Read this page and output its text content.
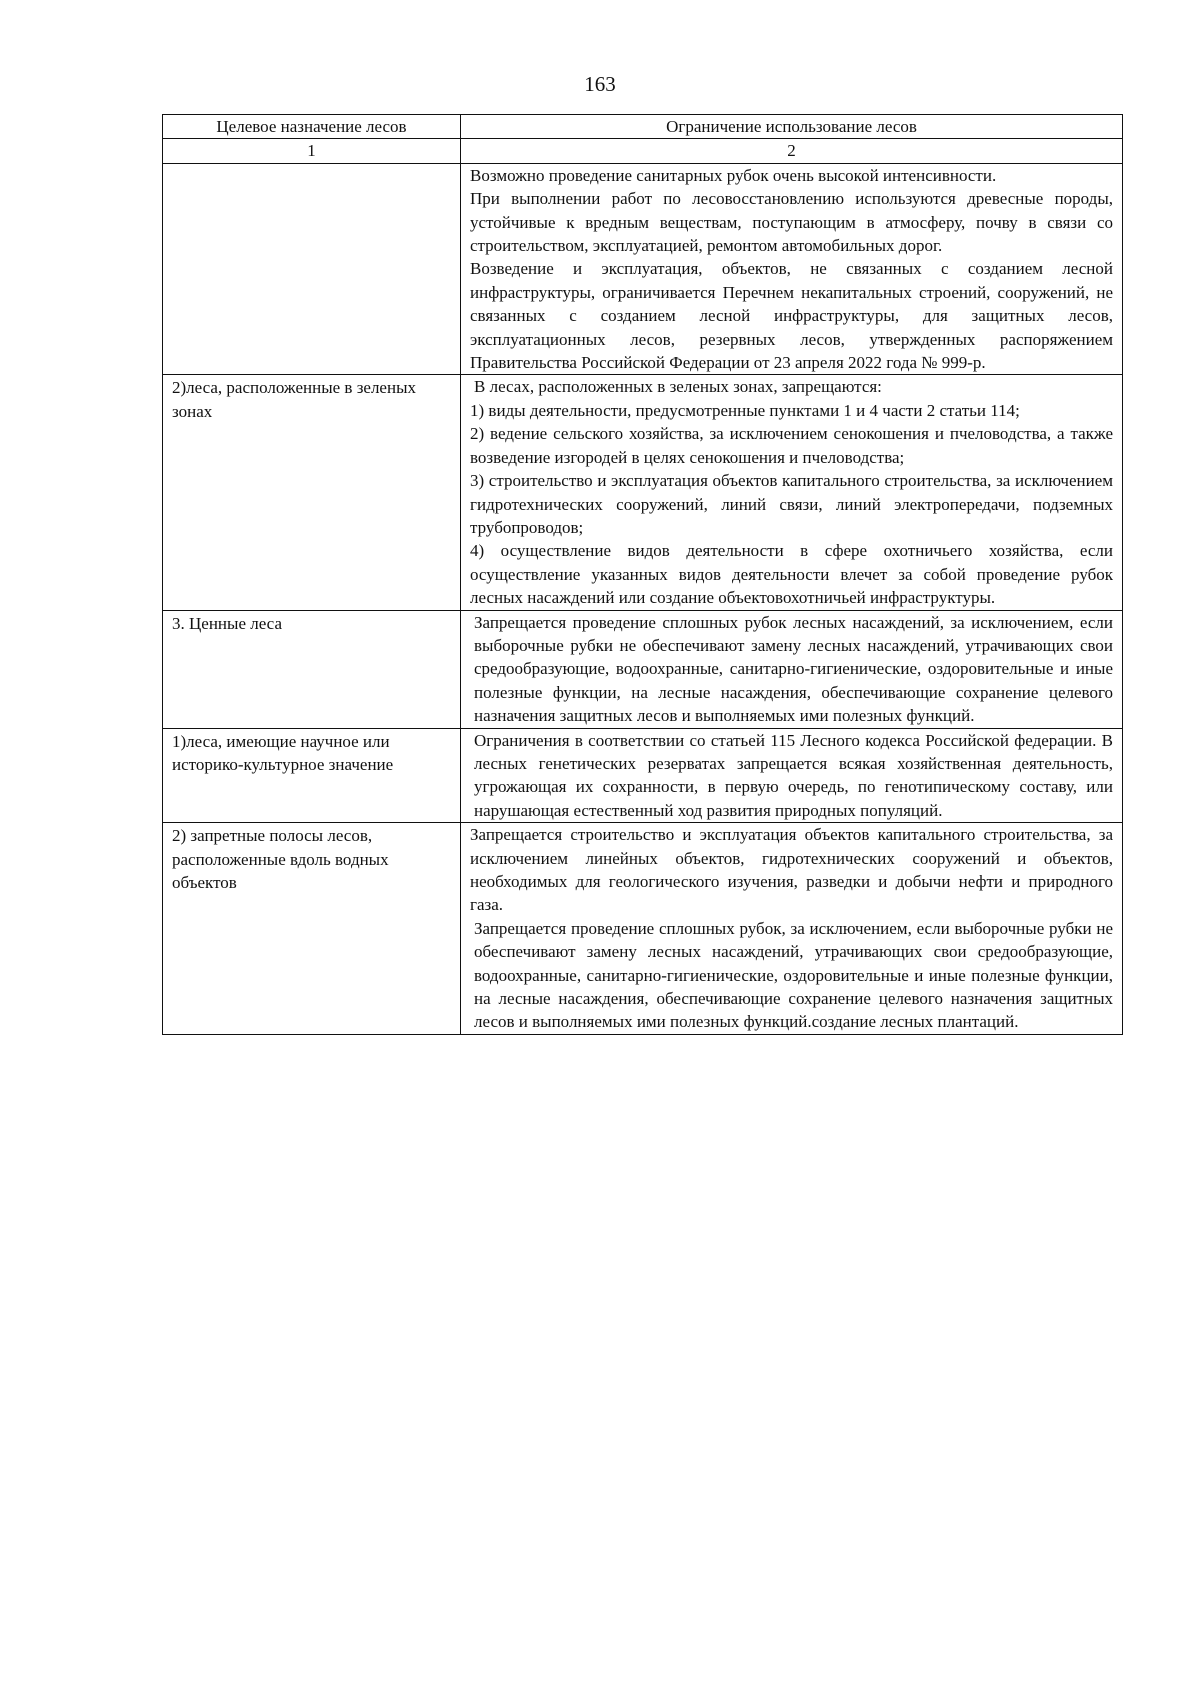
163
Целевое назначение лесов	Ограничение использование лесов
1	2

	Возможно проведение санитарных рубок очень высокой интенсивности.

При выполнении работ по лесовосстановлению используются древесные породы, устойчивые к вредным веществам, поступающим в атмосферу, почву в связи со строительством, эксплуатацией, ремонтом автомобильных дорог.

Возведение и эксплуатация, объектов, не связанных с созданием лесной инфраструктуры, ограничивается Перечнем некапитальных строений, сооружений, не связанных с созданием лесной инфраструктуры, для защитных лесов, эксплуатационных лесов, резервных лесов, утвержденных распоряжением Правительства Российской Федерации от 23 апреля 2022 года № 999-р.

2)леса, расположенные в зеленых зонах	В лесах, расположенных в зеленых зонах, запрещаются:

1) виды деятельности, предусмотренные пунктами 1 и 4 части 2 статьи 114;

2) ведение сельского хозяйства, за исключением сенокошения и пчеловодства, а также возведение изгородей в целях сенокошения и пчеловодства;

3) строительство и эксплуатация объектов капитального строительства, за исключением гидротехнических сооружений, линий связи, линий электропередачи, подземных трубопроводов;

4) осуществление видов деятельности в сфере охотничьего хозяйства, если осуществление указанных видов деятельности влечет за собой проведение рубок лесных насаждений или создание объектовохотничьей инфраструктуры.

3. Ценные леса	Запрещается проведение сплошных рубок лесных насаждений, за исключением, если выборочные рубки не обеспечивают замену лесных насаждений, утрачивающих свои средообразующие, водоохранные, санитарно-гигиенические, оздоровительные и иные полезные функции, на лесные насаждения, обеспечивающие сохранение целевого назначения защитных лесов и выполняемых ими полезных функций.

1)леса, имеющие научное или историко-культурное значение	Ограничения в соответствии со статьей 115 Лесного кодекса Российской федерации. В лесных генетических резерватах запрещается всякая хозяйственная деятельность, угрожающая их сохранности, в первую очередь, по генотипическому составу, или нарушающая естественный ход развития природных популяций.

2) запретные полосы лесов, расположенные вдоль водных объектов	Запрещается строительство и эксплуатация объектов капитального строительства, за исключением линейных объектов, гидротехнических сооружений и объектов, необходимых для геологического изучения, разведки и добычи нефти и природного газа.

Запрещается проведение сплошных рубок, за исключением, если выборочные рубки не обеспечивают замену лесных насаждений, утрачивающих свои средообразующие, водоохранные, санитарно-гигиенические, оздоровительные и иные полезные функции, на лесные насаждения, обеспечивающие сохранение целевого назначения защитных лесов и выполняемых ими полезных функций.создание лесных плантаций.
